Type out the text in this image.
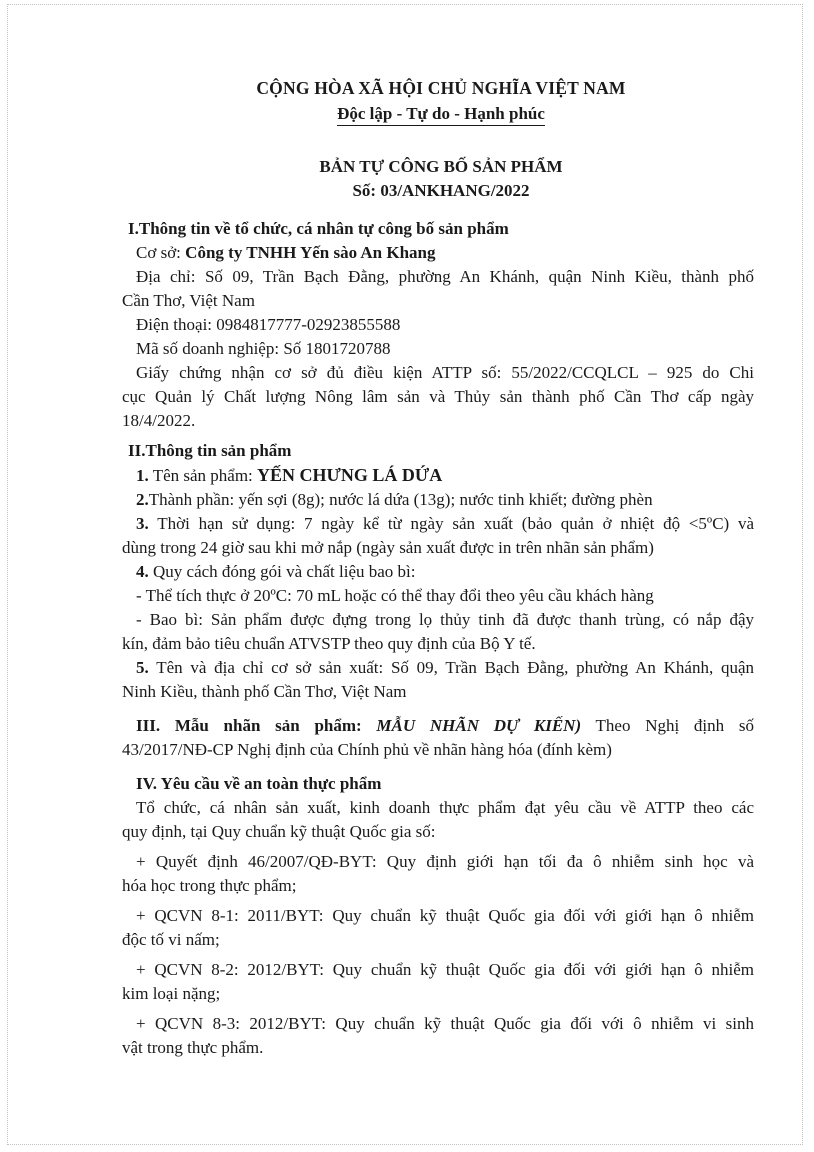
CỘNG HÒA XÃ HỘI CHỦ NGHĨA VIỆT NAM
Độc lập - Tự do - Hạnh phúc
BẢN TỰ CÔNG BỐ SẢN PHẨM
Số: 03/ANKHANG/2022

I.Thông tin về tổ chức, cá nhân tự công bố sản phẩm

Cơ sở: Công ty TNHH Yến sào An Khang

Địa chỉ: Số 09, Trần Bạch Đằng, phường An Khánh, quận Ninh Kiều, thành phố

Cần Thơ, Việt Nam

Điện thoại: 0984817777-02923855588

Mã số doanh nghiệp: Số 1801720788

Giấy chứng nhận cơ sở đủ điều kiện ATTP số: 55/2022/CCQLCL – 925 do Chi

cục Quản lý Chất lượng Nông lâm sản và Thủy sản thành phố Cần Thơ cấp ngày

18/4/2022.

II.Thông tin sản phẩm

1. Tên sản phẩm: YẾN CHƯNG LÁ DỨA

2.Thành phần: yến sợi (8g); nước lá dứa (13g); nước tinh khiết; đường phèn

3. Thời hạn sử dụng: 7 ngày kể từ ngày sản xuất (bảo quản ở nhiệt độ <5ºC) và

dùng trong 24 giờ sau khi mở nắp (ngày sản xuất được in trên nhãn sản phẩm)

4. Quy cách đóng gói và chất liệu bao bì:

- Thể tích thực ở 20ºC: 70 mL hoặc có thể thay đổi theo yêu cầu khách hàng

- Bao bì: Sản phẩm được đựng trong lọ thủy tinh đã được thanh trùng, có nắp đậy

kín, đảm bảo tiêu chuẩn ATVSTP theo quy định của Bộ Y tế.

5. Tên và địa chỉ cơ sở sản xuất: Số 09, Trần Bạch Đằng, phường An Khánh, quận

Ninh Kiều, thành phố Cần Thơ, Việt Nam

III. Mẫu nhãn sản phẩm: MẪU NHÃN DỰ KIẾN) Theo Nghị định số

43/2017/NĐ-CP Nghị định của Chính phủ về nhãn hàng hóa (đính kèm)

IV. Yêu cầu về an toàn thực phẩm

Tổ chức, cá nhân sản xuất, kinh doanh thực phẩm đạt yêu cầu về ATTP theo các

quy định, tại Quy chuẩn kỹ thuật Quốc gia số:

+ Quyết định 46/2007/QĐ-BYT: Quy định giới hạn tối đa ô nhiễm sinh học và

hóa học trong thực phẩm;

+ QCVN 8-1: 2011/BYT: Quy chuẩn kỹ thuật Quốc gia đối với giới hạn ô nhiễm

độc tố vi nấm;

+ QCVN 8-2: 2012/BYT: Quy chuẩn kỹ thuật Quốc gia đối với giới hạn ô nhiễm

kim loại nặng;

+ QCVN 8-3: 2012/BYT: Quy chuẩn kỹ thuật Quốc gia đối với ô nhiễm vi sinh

vật trong thực phẩm.
